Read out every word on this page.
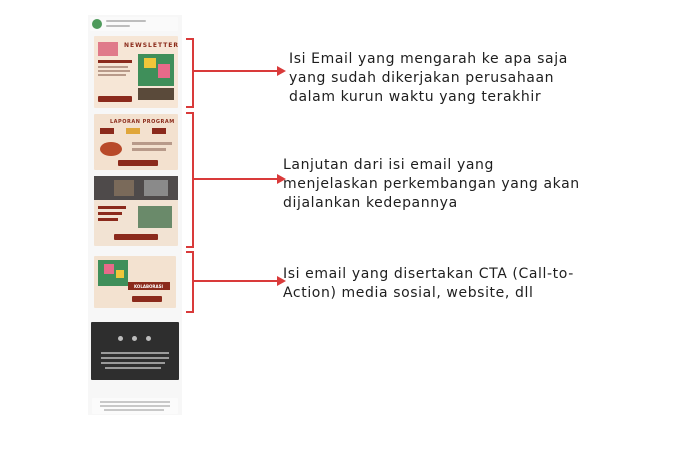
NEWSLETTER
LAPORAN PROGRAM
KOLABORASI
Isi Email yang mengarah ke apa saja yang sudah dikerjakan perusahaan dalam kurun waktu yang terakhir
Lanjutan dari isi email yang menjelaskan perkembangan yang akan dijalankan kedepannya
Isi email yang disertakan CTA (Call-to-Action) media sosial, website, dll
